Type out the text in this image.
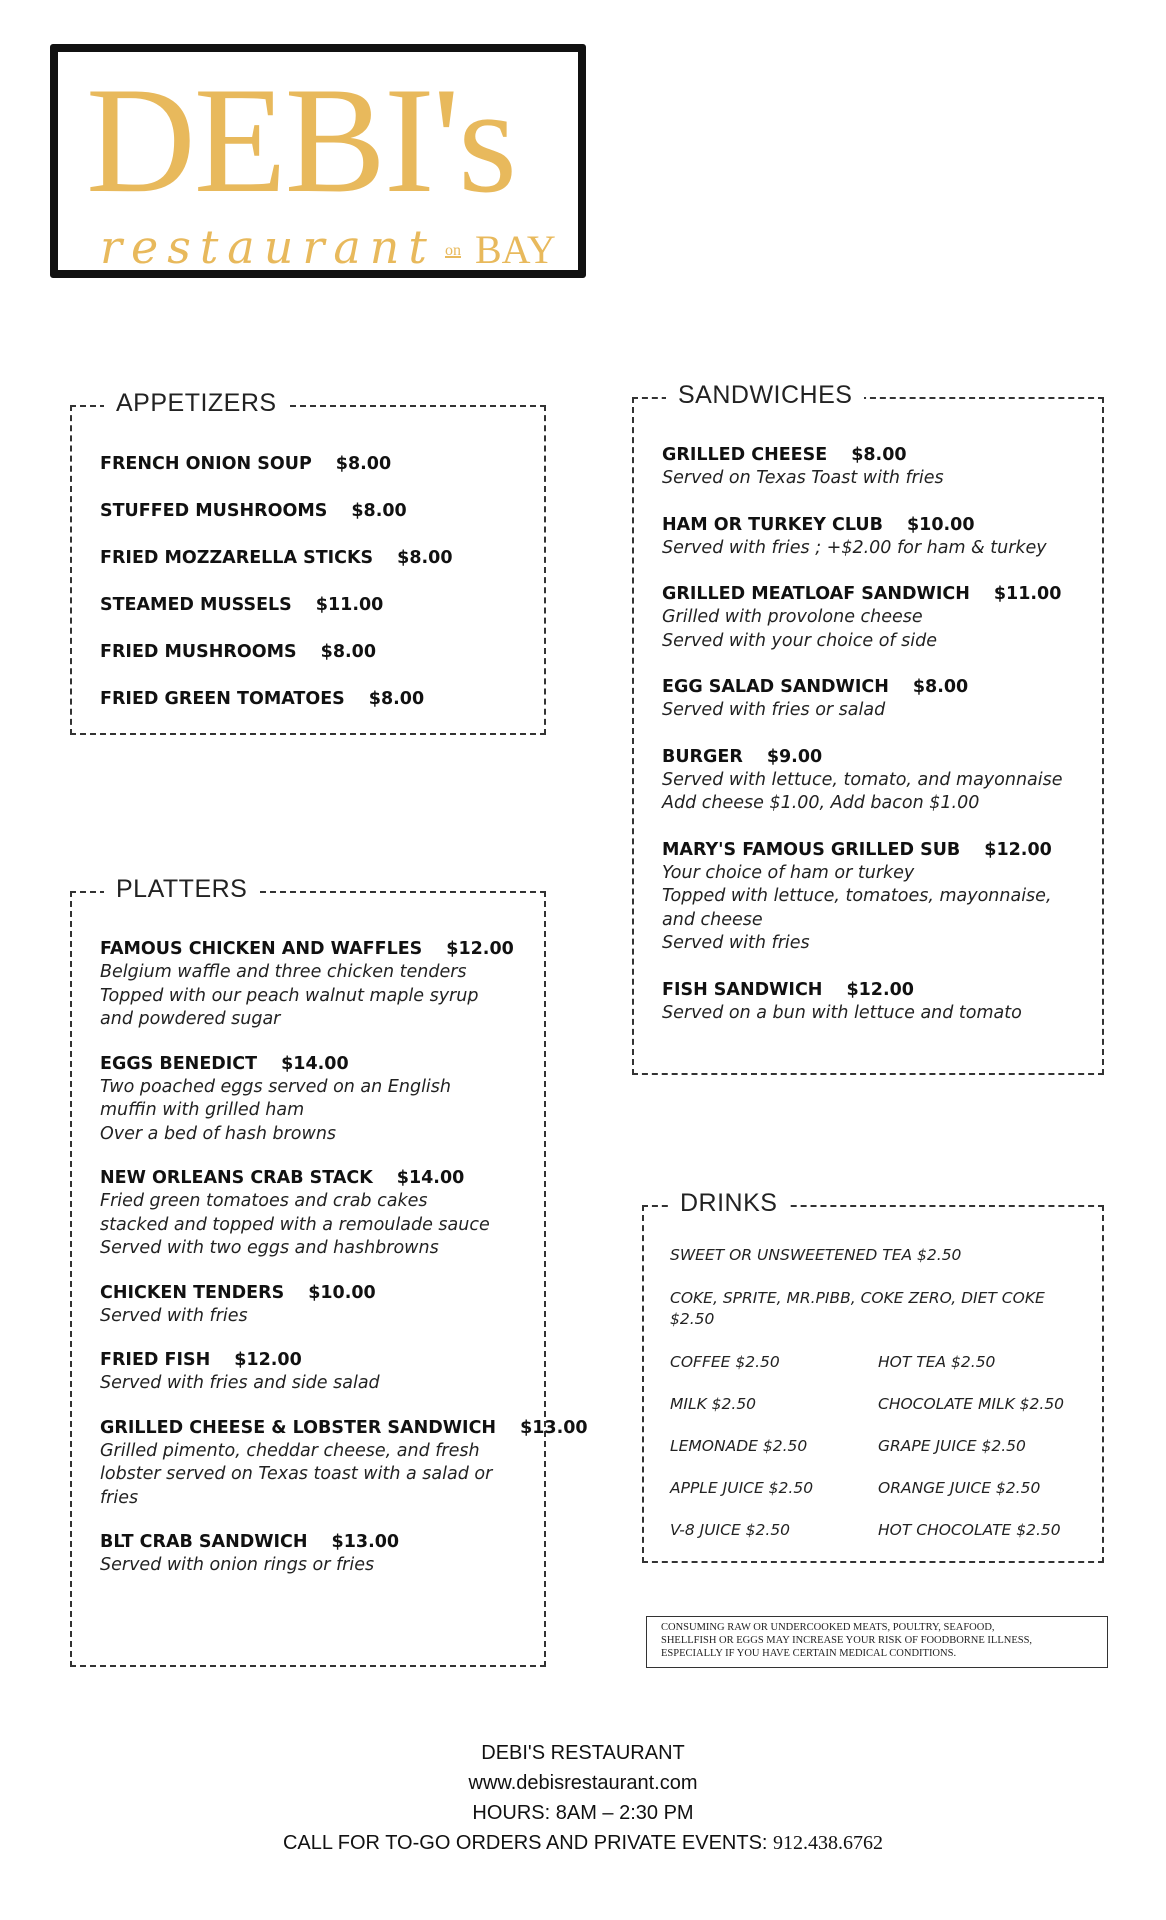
DEBI's
restaurant on BAY
APPETIZERS
FRENCH ONION SOUP $8.00
STUFFED MUSHROOMS $8.00
FRIED MOZZARELLA STICKS $8.00
STEAMED MUSSELS $11.00
FRIED MUSHROOMS $8.00
FRIED GREEN TOMATOES $8.00
PLATTERS
FAMOUS CHICKEN AND WAFFLES $12.00
Belgium waffle and three chicken tenders
Topped with our peach walnut maple syrup
and powdered sugar
EGGS BENEDICT $14.00
Two poached eggs served on an English
muffin with grilled ham
Over a bed of hash browns
NEW ORLEANS CRAB STACK $14.00
Fried green tomatoes and crab cakes
stacked and topped with a remoulade sauce
Served with two eggs and hashbrowns
CHICKEN TENDERS $10.00
Served with fries
FRIED FISH $12.00
Served with fries and side salad
GRILLED CHEESE & LOBSTER SANDWICH $13.00
Grilled pimento, cheddar cheese, and fresh
lobster served on Texas toast with a salad or
fries
BLT CRAB SANDWICH $13.00
Served with onion rings or fries
SANDWICHES
GRILLED CHEESE $8.00
Served on Texas Toast with fries
HAM OR TURKEY CLUB $10.00
Served with fries ; +$2.00 for ham & turkey
GRILLED MEATLOAF SANDWICH $11.00
Grilled with provolone cheese
Served with your choice of side
EGG SALAD SANDWICH $8.00
Served with fries or salad
BURGER $9.00
Served with lettuce, tomato, and mayonnaise
Add cheese $1.00, Add bacon $1.00
MARY'S FAMOUS GRILLED SUB $12.00
Your choice of ham or turkey
Topped with lettuce, tomatoes, mayonnaise,
and cheese
Served with fries
FISH SANDWICH $12.00
Served on a bun with lettuce and tomato
DRINKS
SWEET OR UNSWEETENED TEA $2.50
COKE, SPRITE, MR.PIBB, COKE ZERO, DIET COKE
$2.50
COFFEE $2.50	HOT TEA $2.50
MILK $2.50	CHOCOLATE MILK $2.50
LEMONADE $2.50	GRAPE JUICE $2.50
APPLE JUICE $2.50	ORANGE JUICE $2.50
V-8 JUICE $2.50	HOT CHOCOLATE $2.50
CONSUMING RAW OR UNDERCOOKED MEATS, POULTRY, SEAFOOD,
SHELLFISH OR EGGS MAY INCREASE YOUR RISK OF FOODBORNE ILLNESS,
ESPECIALLY IF YOU HAVE CERTAIN MEDICAL CONDITIONS.
DEBI'S RESTAURANT
www.debisrestaurant.com
HOURS: 8AM – 2:30 PM
CALL FOR TO-GO ORDERS AND PRIVATE EVENTS: 912.438.6762
